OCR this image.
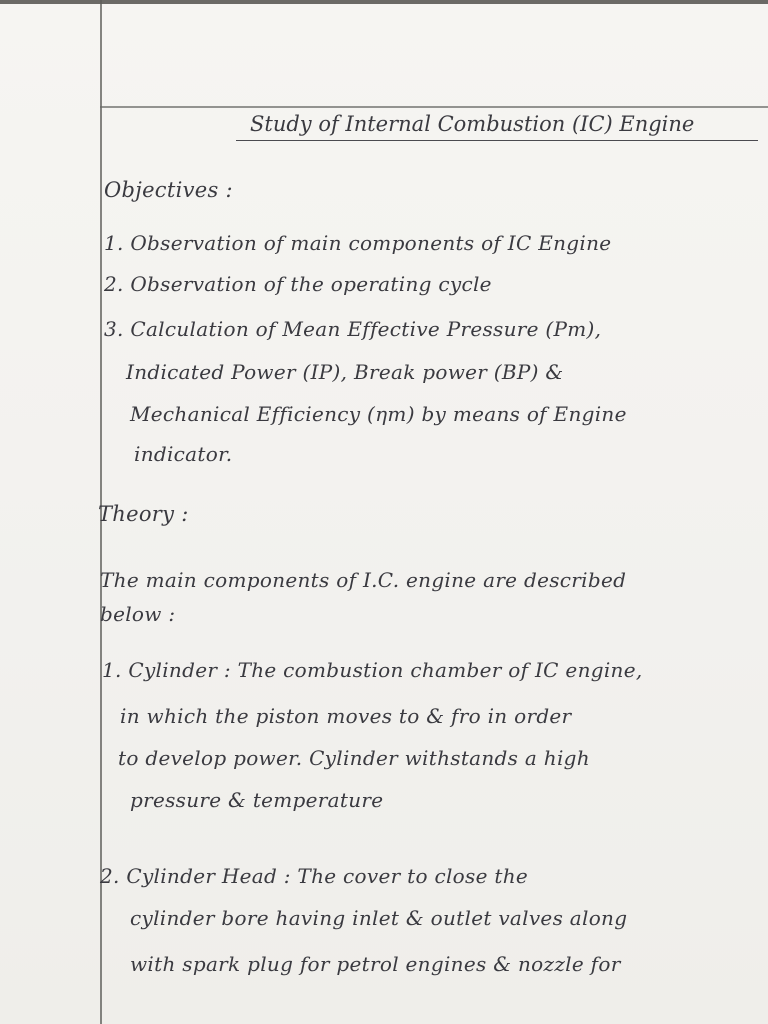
Study of Internal Combustion (IC) Engine
Objectives :
1. Observation of main components of IC Engine
2. Observation of the operating cycle
3. Calculation of Mean Effective Pressure (Pm),
Indicated Power (IP), Break power (BP) &
Mechanical Efficiency (ηm) by means of Engine
indicator.
Theory :
The main components of I.C. engine are described
below :
1. Cylinder : The combustion chamber of IC engine,
in which the piston moves to & fro in order
to develop power. Cylinder withstands a high
pressure & temperature
2. Cylinder Head : The cover to close the
cylinder bore having inlet & outlet valves along
with spark plug for petrol engines & nozzle for
